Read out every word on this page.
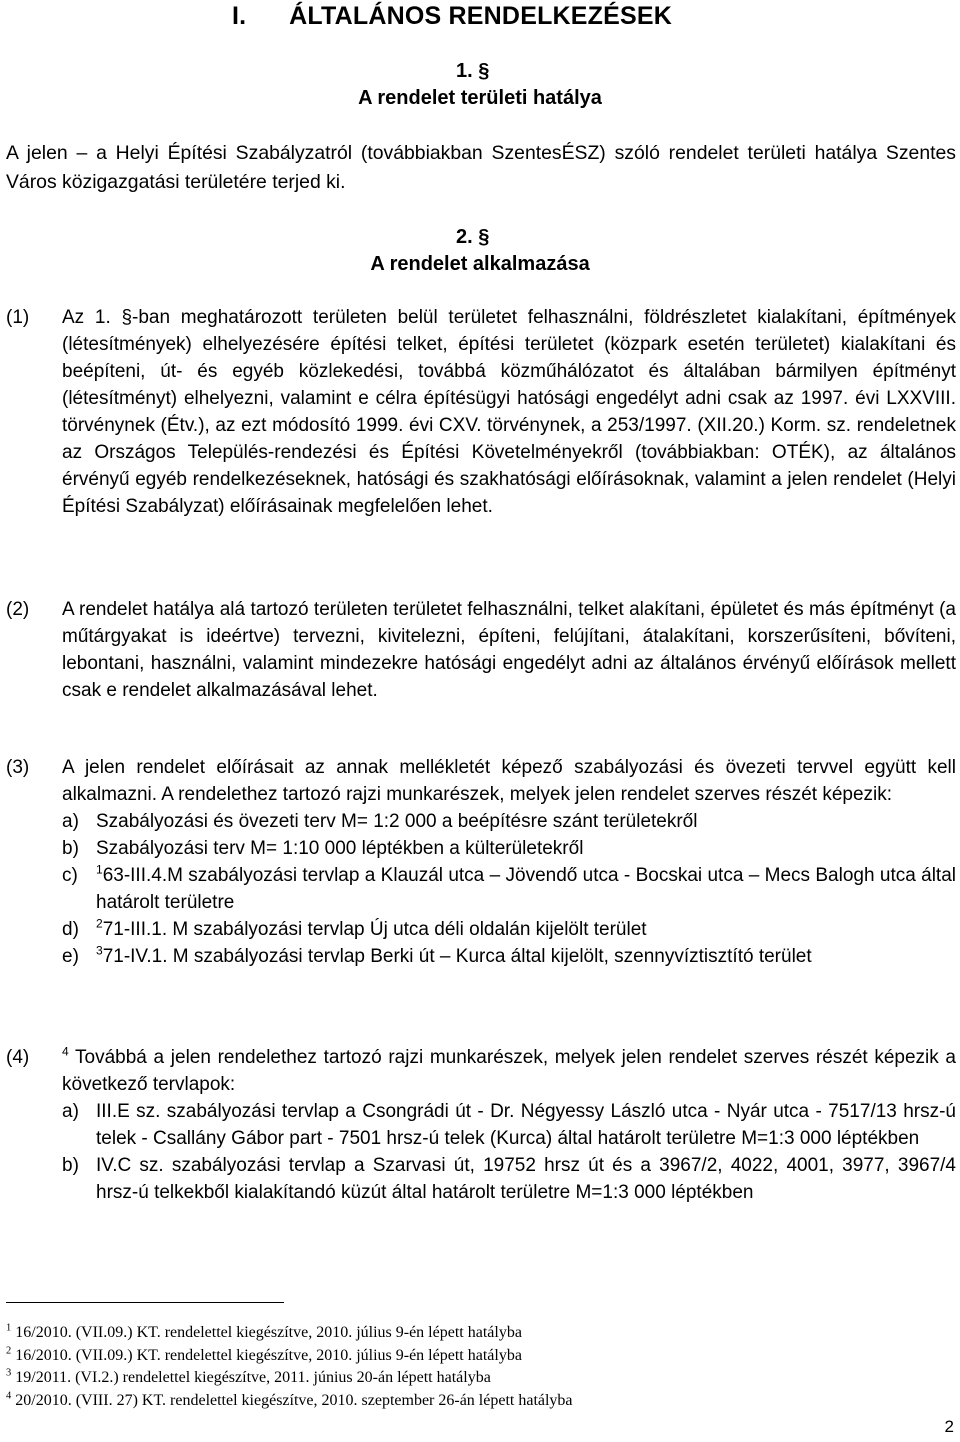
I.      ÁLTALÁNOS RENDELKEZÉSEK
1. §
A rendelet területi hatálya

A jelen – a Helyi Építési Szabályzatról (továbbiakban SzentesÉSZ) szóló rendelet területi hatálya Szentes Város közigazgatási területére terjed ki.

2. §
A rendelet alkalmazása
(1) Az 1. §-ban meghatározott területen belül területet felhasználni, földrészletet kialakítani, építmények (létesítmények) elhelyezésére építési telket, építési területet (közpark esetén területet) kialakítani és beépíteni, út- és egyéb közlekedési, továbbá közműhálózatot és általában bármilyen építményt (létesítményt) elhelyezni, valamint e célra építésügyi hatósági engedélyt adni csak az 1997. évi LXXVIII. törvénynek (Étv.), az ezt módosító 1999. évi CXV. törvénynek, a 253/1997. (XII.20.) Korm. sz. rendeletnek az Országos Település-rendezési és Építési Követelményekről (továbbiakban: OTÉK), az általános érvényű egyéb rendelkezéseknek, hatósági és szakhatósági előírásoknak, valamint a jelen rendelet (Helyi Építési Szabályzat) előírásainak megfelelően lehet.
(2) A rendelet hatálya alá tartozó területen területet felhasználni, telket alakítani, épületet és más építményt (a műtárgyakat is ideértve) tervezni, kivitelezni, építeni, felújítani, átalakítani, korszerűsíteni, bővíteni, lebontani, használni, valamint mindezekre hatósági engedélyt adni az általános érvényű előírások mellett csak e rendelet alkalmazásával lehet.
(3) A jelen rendelet előírásait az annak mellékletét képező szabályozási és övezeti tervvel együtt kell alkalmazni. A rendelethez tartozó rajzi munkarészek, melyek jelen rendelet szerves részét képezik:
a) Szabályozási és övezeti terv M= 1:2 000 a beépítésre szánt területekről
b) Szabályozási terv M= 1:10 000 léptékben a külterületekről
c)	$^1$63-III.4.M szabályozási tervlap a Klauzál utca – Jövendő utca - Bocskai utca – Mecs Balogh utca által határolt területre
d)	$^2$71-III.1. M szabályozási tervlap Új utca déli oldalán kijelölt terület
e)	$^3$71-IV.1. M szabályozási tervlap Berki út – Kurca által kijelölt, szennyvíztisztító terület
(4)	$^4$ Továbbá a jelen rendelethez tartozó rajzi munkarészek, melyek jelen rendelet szerves részét képezik a következő tervlapok:
a) III.E sz. szabályozási tervlap a Csongrádi út - Dr. Négyessy László utca - Nyár utca - 7517/13 hrsz-ú telek - Csallány Gábor part - 7501 hrsz-ú telek (Kurca) által határolt területre M=1:3 000 léptékben
b) IV.C sz. szabályozási tervlap a Szarvasi út, 19752 hrsz út és a 3967/2, 4022, 4001, 3977, 3967/4 hrsz-ú telkekből kialakítandó küzút által határolt területre M=1:3 000 léptékben
$^1$ 16/2010. (VII.09.) KT. rendelettel kiegészítve, 2010. július 9-én lépett hatályba
$^2$ 16/2010. (VII.09.) KT. rendelettel kiegészítve, 2010. július 9-én lépett hatályba
$^3$ 19/2011. (VI.2.) rendelettel kiegészítve, 2011. június 20-án lépett hatályba
$^4$ 20/2010. (VIII. 27) KT. rendelettel kiegészítve, 2010. szeptember 26-án lépett hatályba
2
